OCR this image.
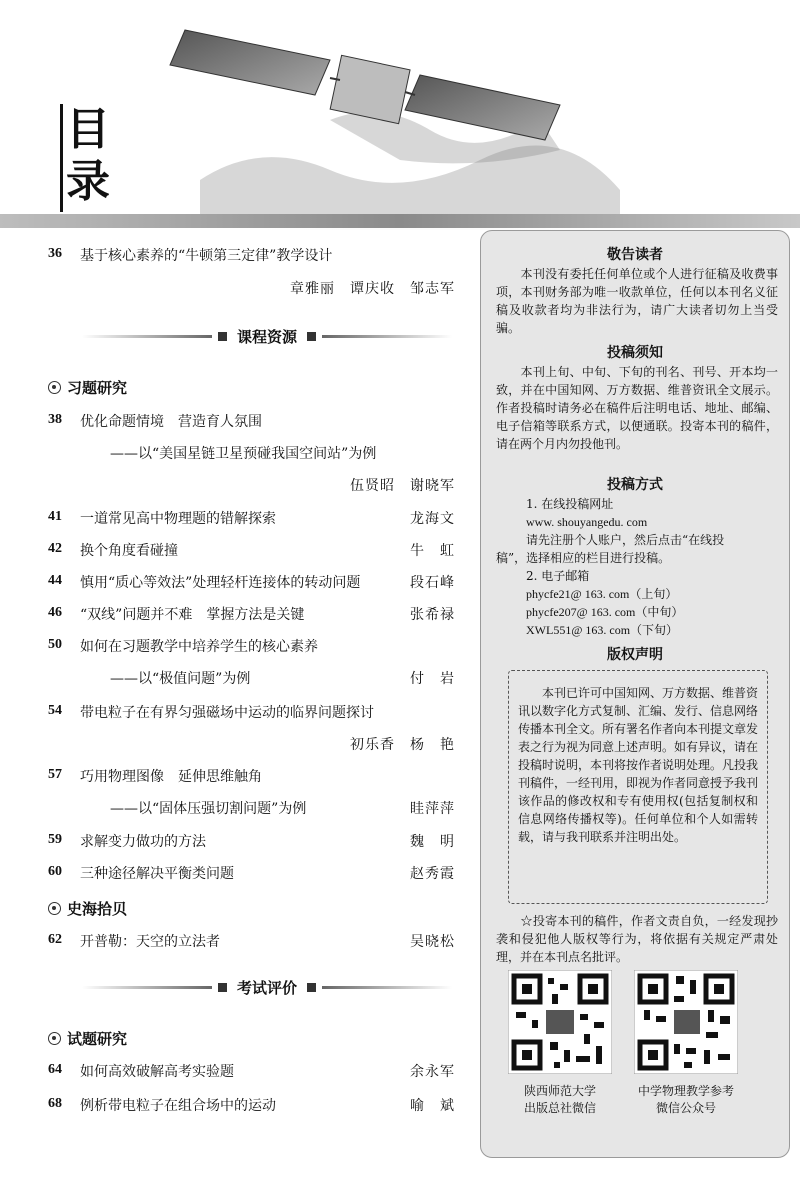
目
录
36	基于核心素养的“牛顿第三定律”教学设计
章雅丽　谭庆收　邹志军
课程资源
习题研究
38	优化命题情境　营造育人氛围
——以“美国星链卫星预碰我国空间站”为例
伍贤昭　谢晓军
41	一道常见高中物理题的错解探索	龙海文
42	换个角度看碰撞	牛　虹
44	慎用“质心等效法”处理轻杆连接体的转动问题	段石峰
46	“双线”问题并不难　掌握方法是关键	张希禄
50	如何在习题教学中培养学生的核心素养
——以“极值问题”为例	付　岩
54	带电粒子在有界匀强磁场中运动的临界问题探讨
初乐香　杨　艳
57	巧用物理图像　延伸思维触角
——以“固体压强切割问题”为例	眭萍萍
59	求解变力做功的方法	魏　明
60	三种途径解决平衡类问题	赵秀霞
史海拾贝
62	开普勒：天空的立法者	吴晓松
考试评价
试题研究
64	如何高效破解高考实验题	余永军
68	例析带电粒子在组合场中的运动	喻　斌
敬告读者
　　本刊没有委托任何单位或个人进行征稿及收费事项，本刊财务部为唯一收款单位，任何以本刊名义征稿及收款者均为非法行为，请广大读者切勿上当受骗。
投稿须知
　　本刊上旬、中旬、下旬的刊名、刊号、开本均一致，并在中国知网、万方数据、维普资讯全文展示。作者投稿时请务必在稿件后注明电话、地址、邮编、电子信箱等联系方式，以便通联。投寄本刊的稿件，请在两个月内勿投他刊。
投稿方式
1. 在线投稿网址
www. shouyangedu. com
请先注册个人账户，然后点击“在线投
稿”，选择相应的栏目进行投稿。
2. 电子邮箱
phycfe21@ 163. com（上旬）
phycfe207@ 163. com（中旬）
XWL551@ 163. com（下旬）
版权声明
　　本刊已许可中国知网、万方数据、维普资讯以数字化方式复制、汇编、发行、信息网络传播本刊全文。所有署名作者向本刊提文章发表之行为视为同意上述声明。如有异议，请在投稿时说明，本刊将按作者说明处理。凡投我刊稿件，一经刊用，即视为作者同意授予我刊该作品的修改权和专有使用权(包括复制权和信息网络传播权等)。任何单位和个人如需转载，请与我刊联系并注明出处。
　　☆投寄本刊的稿件，作者文责自负，一经发现抄袭和侵犯他人版权等行为，将依据有关规定严肃处理，并在本刊点名批评。
陕西师范大学
出版总社微信
中学物理教学参考
微信公众号
